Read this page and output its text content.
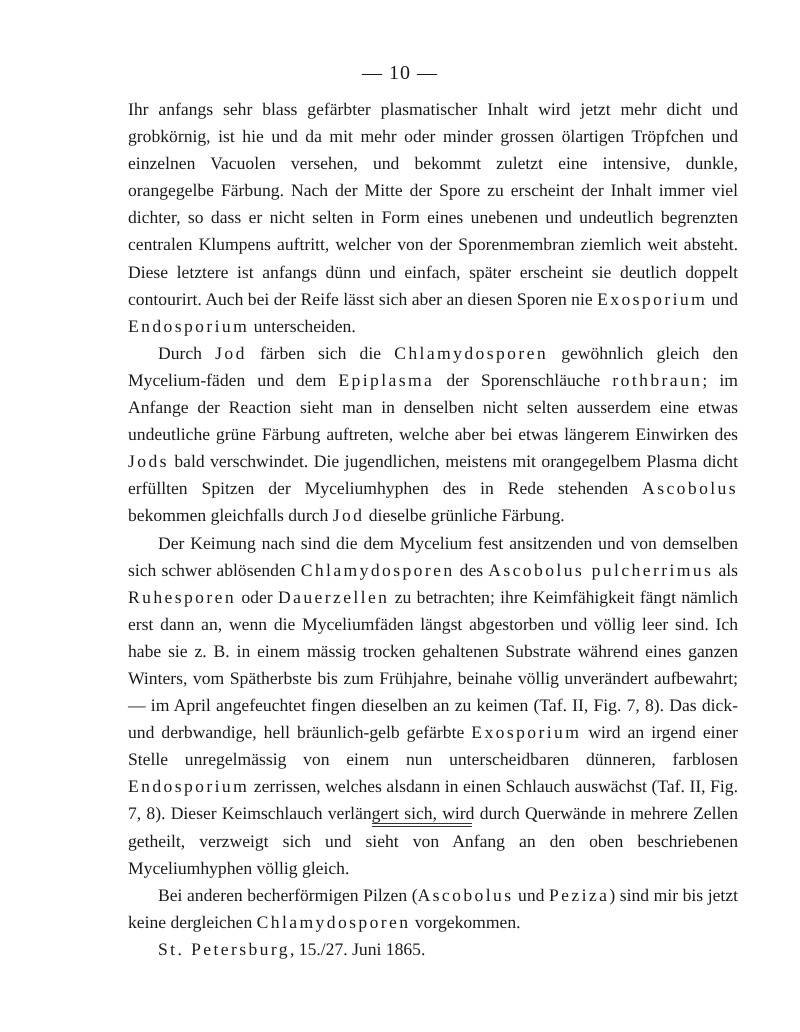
— 10 —

Ihr anfangs sehr blass gefärbter plasmatischer Inhalt wird jetzt mehr dicht und grobkörnig, ist hie und da mit mehr oder minder grossen ölartigen Tröpfchen und einzelnen Vacuolen versehen, und bekommt zuletzt eine intensive, dunkle, orangegelbe Färbung. Nach der Mitte der Spore zu erscheint der Inhalt immer viel dichter, so dass er nicht selten in Form eines unebenen und undeutlich begrenzten centralen Klumpens auftritt, welcher von der Sporenmembran ziemlich weit absteht. Diese letztere ist anfangs dünn und einfach, später erscheint sie deutlich doppelt contourirt. Auch bei der Reife lässt sich aber an diesen Sporen nie Exosporium und Endosporium unterscheiden.

Durch Jod färben sich die Chlamydosporen gewöhnlich gleich den Mycelium-fäden und dem Epiplasma der Sporenschläuche rothbraun; im Anfange der Reaction sieht man in denselben nicht selten ausserdem eine etwas undeutliche grüne Färbung auftreten, welche aber bei etwas längerem Einwirken des Jods bald verschwindet. Die jugendlichen, meistens mit orangegelbem Plasma dicht erfüllten Spitzen der Myceliumhyphen des in Rede stehenden Ascobolus bekommen gleichfalls durch Jod dieselbe grünliche Färbung.

Der Keimung nach sind die dem Mycelium fest ansitzenden und von demselben sich schwer ablösenden Chlamydosporen des Ascobolus pulcherrimus als Ruhesporen oder Dauerzellen zu betrachten; ihre Keimfähigkeit fängt nämlich erst dann an, wenn die Myceliumfäden längst abgestorben und völlig leer sind. Ich habe sie z. B. in einem mässig trocken gehaltenen Substrate während eines ganzen Winters, vom Spätherbste bis zum Frühjahre, beinahe völlig unverändert aufbewahrt; — im April angefeuchtet fingen dieselben an zu keimen (Taf. II, Fig. 7, 8). Das dick- und derbwandige, hell bräunlich-gelb gefärbte Exosporium wird an irgend einer Stelle unregelmässig von einem nun unterscheidbaren dünneren, farblosen Endosporium zerrissen, welches alsdann in einen Schlauch auswächst (Taf. II, Fig. 7, 8). Dieser Keimschlauch verlängert sich, wird durch Querwände in mehrere Zellen getheilt, verzweigt sich und sieht von Anfang an den oben beschriebenen Myceliumhyphen völlig gleich.

Bei anderen becherförmigen Pilzen (Ascobolus und Peziza) sind mir bis jetzt keine dergleichen Chlamydosporen vorgekommen.

St. Petersburg, 15./27. Juni 1865.
